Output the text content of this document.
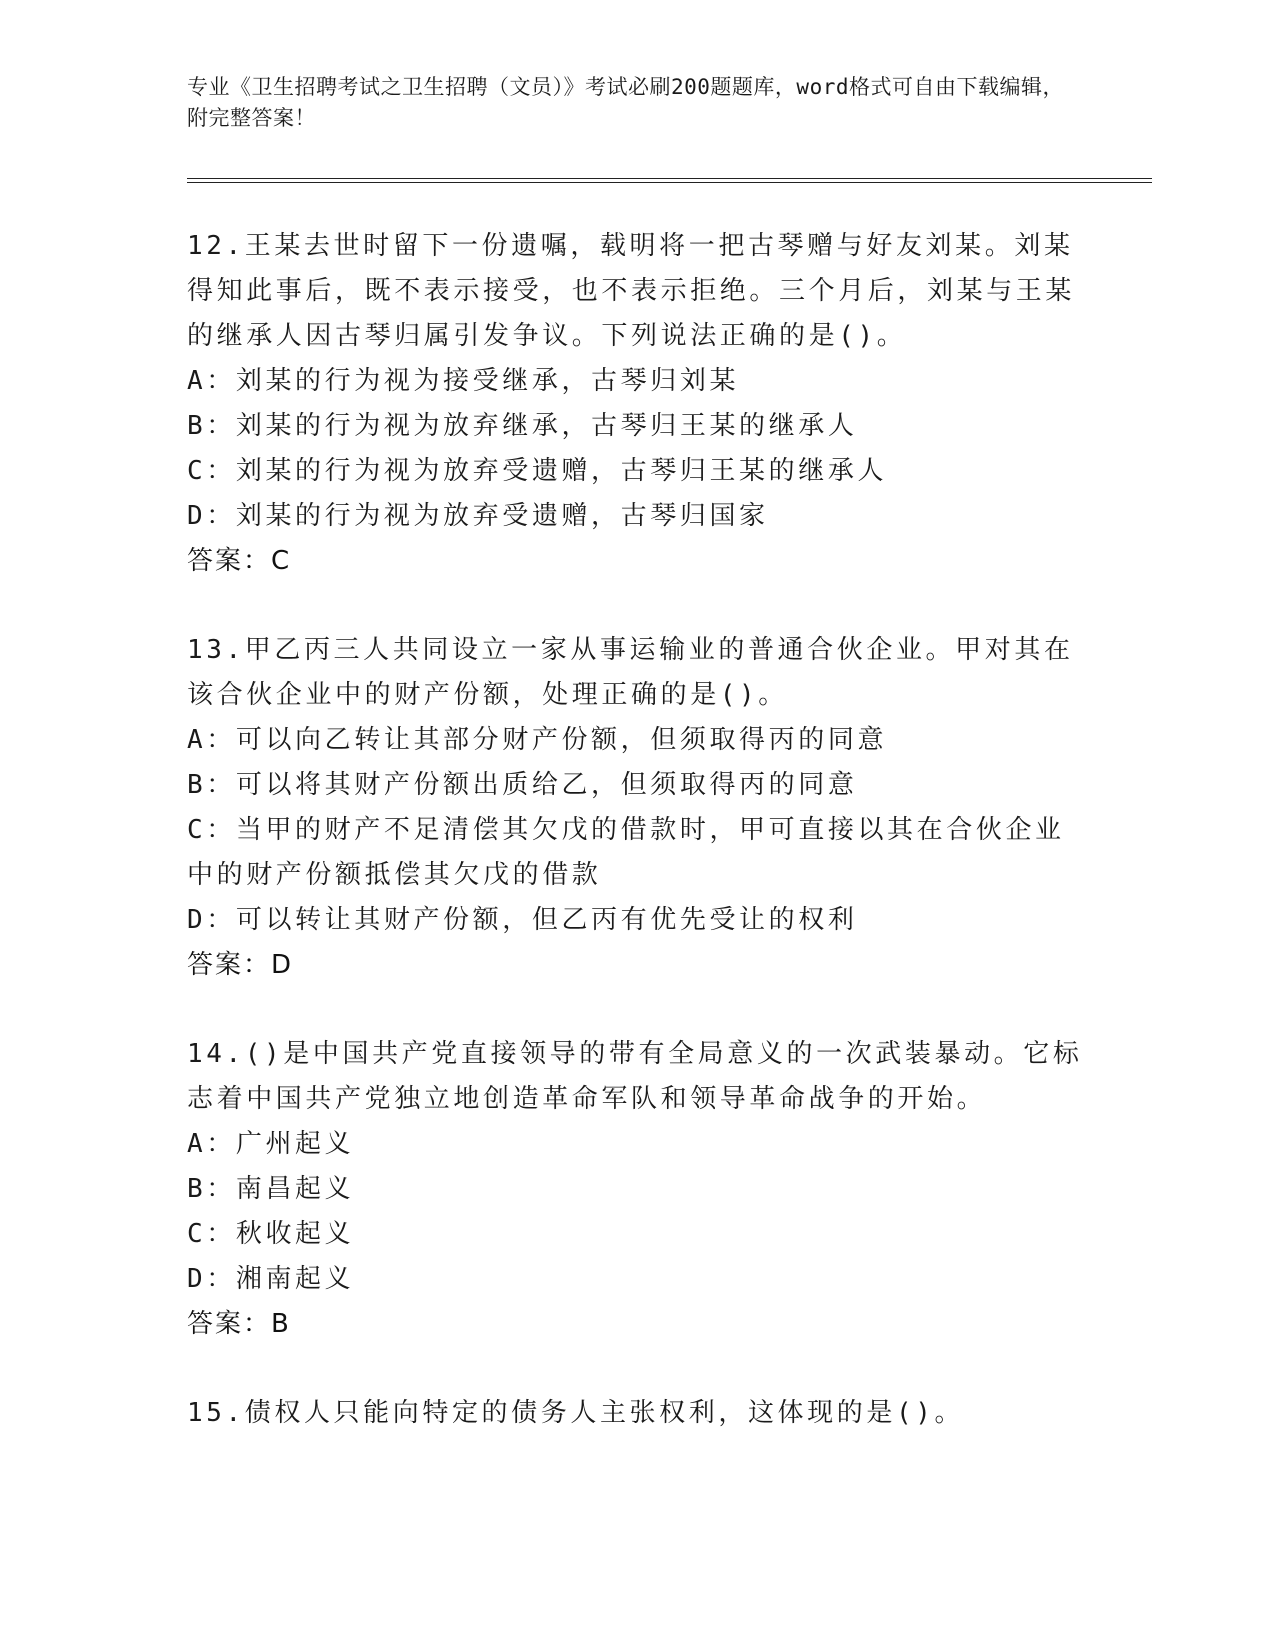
专业《卫生招聘考试之卫生招聘（文员）》考试必刷200题题库，word格式可自由下载编辑，附完整答案！
12.王某去世时留下一份遗嘱，载明将一把古琴赠与好友刘某。刘某得知此事后，既不表示接受，也不表示拒绝。三个月后，刘某与王某的继承人因古琴归属引发争议。下列说法正确的是()。
A：刘某的行为视为接受继承，古琴归刘某
B：刘某的行为视为放弃继承，古琴归王某的继承人
C：刘某的行为视为放弃受遗赠，古琴归王某的继承人
D：刘某的行为视为放弃受遗赠，古琴归国家
答案：C
13.甲乙丙三人共同设立一家从事运输业的普通合伙企业。甲对其在该合伙企业中的财产份额，处理正确的是()。
A：可以向乙转让其部分财产份额，但须取得丙的同意
B：可以将其财产份额出质给乙，但须取得丙的同意
C：当甲的财产不足清偿其欠戊的借款时，甲可直接以其在合伙企业中的财产份额抵偿其欠戊的借款
D：可以转让其财产份额，但乙丙有优先受让的权利
答案：D
14.()是中国共产党直接领导的带有全局意义的一次武装暴动。它标志着中国共产党独立地创造革命军队和领导革命战争的开始。
A：广州起义
B：南昌起义
C：秋收起义
D：湘南起义
答案：B
15.债权人只能向特定的债务人主张权利，这体现的是()。
